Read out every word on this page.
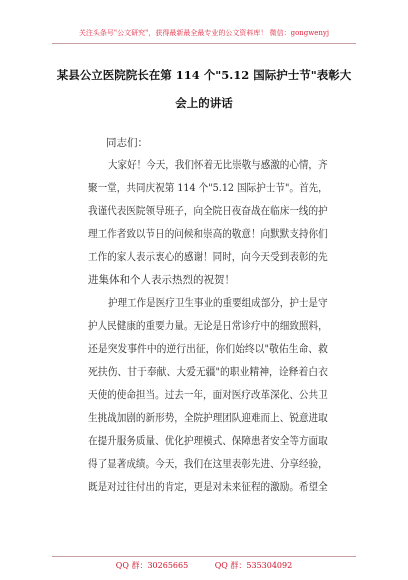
关注头条号"公文研究"，获得最新最全最专业的公文资料库！ 微信：gongwenyj
某县公立医院院长在第 114 个"5.12 国际护士节"表彰大
会上的讲话
同志们：
大家好！今天，我们怀着无比崇敬与感激的心情，齐
聚一堂，共同庆祝第 114 个"5.12 国际护士节"。首先，
我谨代表医院领导班子，向全院日夜奋战在临床一线的护
理工作者致以节日的问候和崇高的敬意！向默默支持你们
工作的家人表示衷心的感谢！同时，向今天受到表彰的先
进集体和个人表示热烈的祝贺！
护理工作是医疗卫生事业的重要组成部分，护士是守
护人民健康的重要力量。无论是日常诊疗中的细致照料，
还是突发事件中的逆行出征，你们始终以"敬佑生命、救
死扶伤、甘于奉献、大爱无疆"的职业精神，诠释着白衣
天使的使命担当。过去一年，面对医疗改革深化、公共卫
生挑战加剧的新形势，全院护理团队迎难而上、锐意进取
在提升服务质量、优化护理模式、保障患者安全等方面取
得了显著成绩。今天，我们在这里表彰先进、分享经验，
既是对过往付出的肯定，更是对未来征程的激励。希望全
QQ 群：30265665	QQ 群：535304092
